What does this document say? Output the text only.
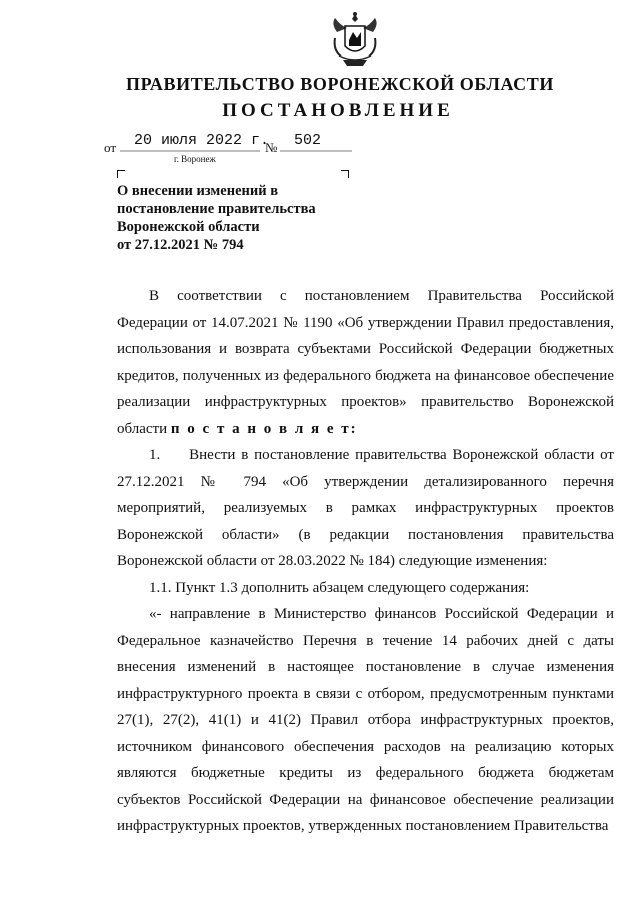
ПРАВИТЕЛЬСТВО ВОРОНЕЖСКОЙ ОБЛАСТИ
ПОСТАНОВЛЕНИЕ
от 20 июля 2022 г.
№ 502
г. Воронеж
О внесении изменений в
постановление правительства
Воронежской области
от 27.12.2021 № 794

В соответствии с постановлением Правительства Российской Федерации от 14.07.2021 № 1190 «Об утверждении Правил предоставления, использования и возврата субъектами Российской Федерации бюджетных кредитов, полученных из федерального бюджета на финансовое обеспечение реализации инфраструктурных проектов» правительство Воронежской области п о с т а н о в л я е т:

1.     Внести в постановление правительства Воронежской области от 27.12.2021 № 794 «Об утверждении детализированного перечня мероприятий, реализуемых в рамках инфраструктурных проектов Воронежской области» (в редакции постановления правительства Воронежской области от 28.03.2022 № 184) следующие изменения:

1.1. Пункт 1.3 дополнить абзацем следующего содержания:

«- направление в Министерство финансов Российской Федерации и Федеральное казначейство Перечня в течение 14 рабочих дней с даты внесения изменений в настоящее постановление в случае изменения инфраструктурного проекта в связи с отбором, предусмотренным пунктами 27(1), 27(2), 41(1) и 41(2) Правил отбора инфраструктурных проектов, источником финансового обеспечения расходов на реализацию которых являются бюджетные кредиты из федерального бюджета бюджетам субъектов Российской Федерации на финансовое обеспечение реализации инфраструктурных проектов, утвержденных постановлением Правительства
